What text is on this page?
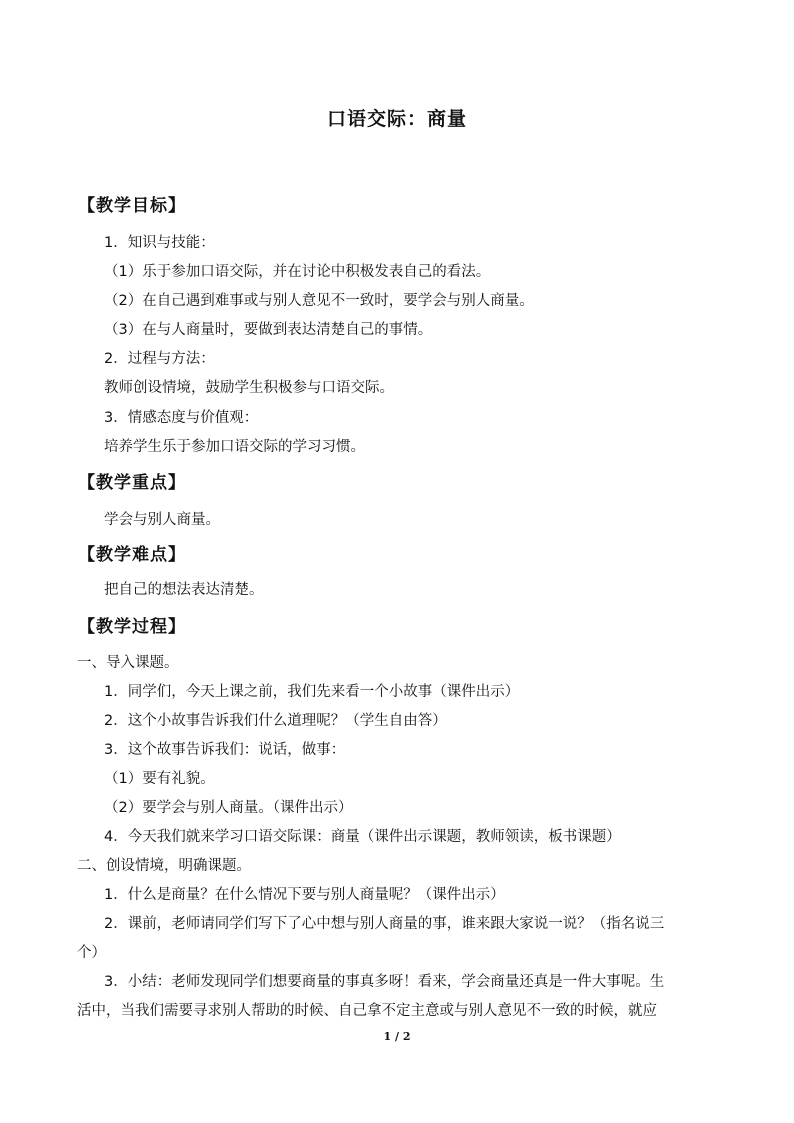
口语交际：商量
【教学目标】
1．知识与技能：
（1）乐于参加口语交际，并在讨论中积极发表自己的看法。
（2）在自己遇到难事或与别人意见不一致时，要学会与别人商量。
（3）在与人商量时，要做到表达清楚自己的事情。
2．过程与方法：
教师创设情境，鼓励学生积极参与口语交际。
3．情感态度与价值观：
培养学生乐于参加口语交际的学习习惯。
【教学重点】
学会与别人商量。
【教学难点】
把自己的想法表达清楚。
【教学过程】
一、导入课题。
1．同学们，今天上课之前，我们先来看一个小故事（课件出示）
2．这个小故事告诉我们什么道理呢？（学生自由答）
3．这个故事告诉我们：说话，做事：
（1）要有礼貌。
（2）要学会与别人商量。（课件出示）
4．今天我们就来学习口语交际课：商量（课件出示课题，教师领读，板书课题）
二、创设情境，明确课题。
1．什么是商量？在什么情况下要与别人商量呢？（课件出示）
2．课前，老师请同学们写下了心中想与别人商量的事，谁来跟大家说一说？（指名说三
个）
3．小结：老师发现同学们想要商量的事真多呀！看来，学会商量还真是一件大事呢。生
活中，当我们需要寻求别人帮助的时候、自己拿不定主意或与别人意见不一致的时候，就应
1 / 2
